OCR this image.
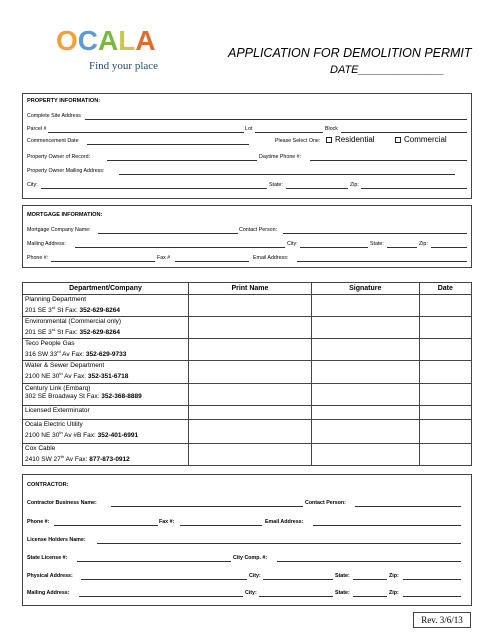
OCALA
Find your place
APPLICATION FOR DEMOLITION PERMIT
DATE______________
PROPERTY INFORMATION:
Complete Site Address
Parcel #	Lot	Block
Commencement Date	Please Select One:	Residential	Commercial
Property Owner of Record:	Daytime Phone #:
Property Owner Mailing Address:
City:	State:	Zip:
MORTGAGE INFORMATION:
Mortgage Company Name:	Contact Person:
Mailing Address:	City:	State:	Zip:
Phone #:	Fax #	Email Address:
Department/Company	Print Name	Signature	Date

Planning Department
201 SE 3rd St Fax: 352-629-8264			

Environmental (Commercial only)
201 SE 3rd St Fax: 352-629-8264			

Teco People Gas
316 SW 33rd Av Fax: 352-629-9733			

Water & Sewer Department
2100 NE 30th Av Fax: 352-351-6718			

Century Link (Embarq)
302 SE Broadway St Fax: 352-368-8889			

Licensed Exterminator			

Ocala Electric Utility
2100 NE 30th Av #B Fax: 352-401-6991			

Cox Cable
2410 SW 27th Av Fax: 877-873-0912			

CONTRACTOR:
Contractor Business Name:	Contact Person:
Phone #:	Fax #:	Email Address:
License Holders Name:
State License #:	City Comp. #:
Physical Address:	City:	State:	Zip:
Mailing Address:	City:	State:	Zip:
Rev. 3/6/13
